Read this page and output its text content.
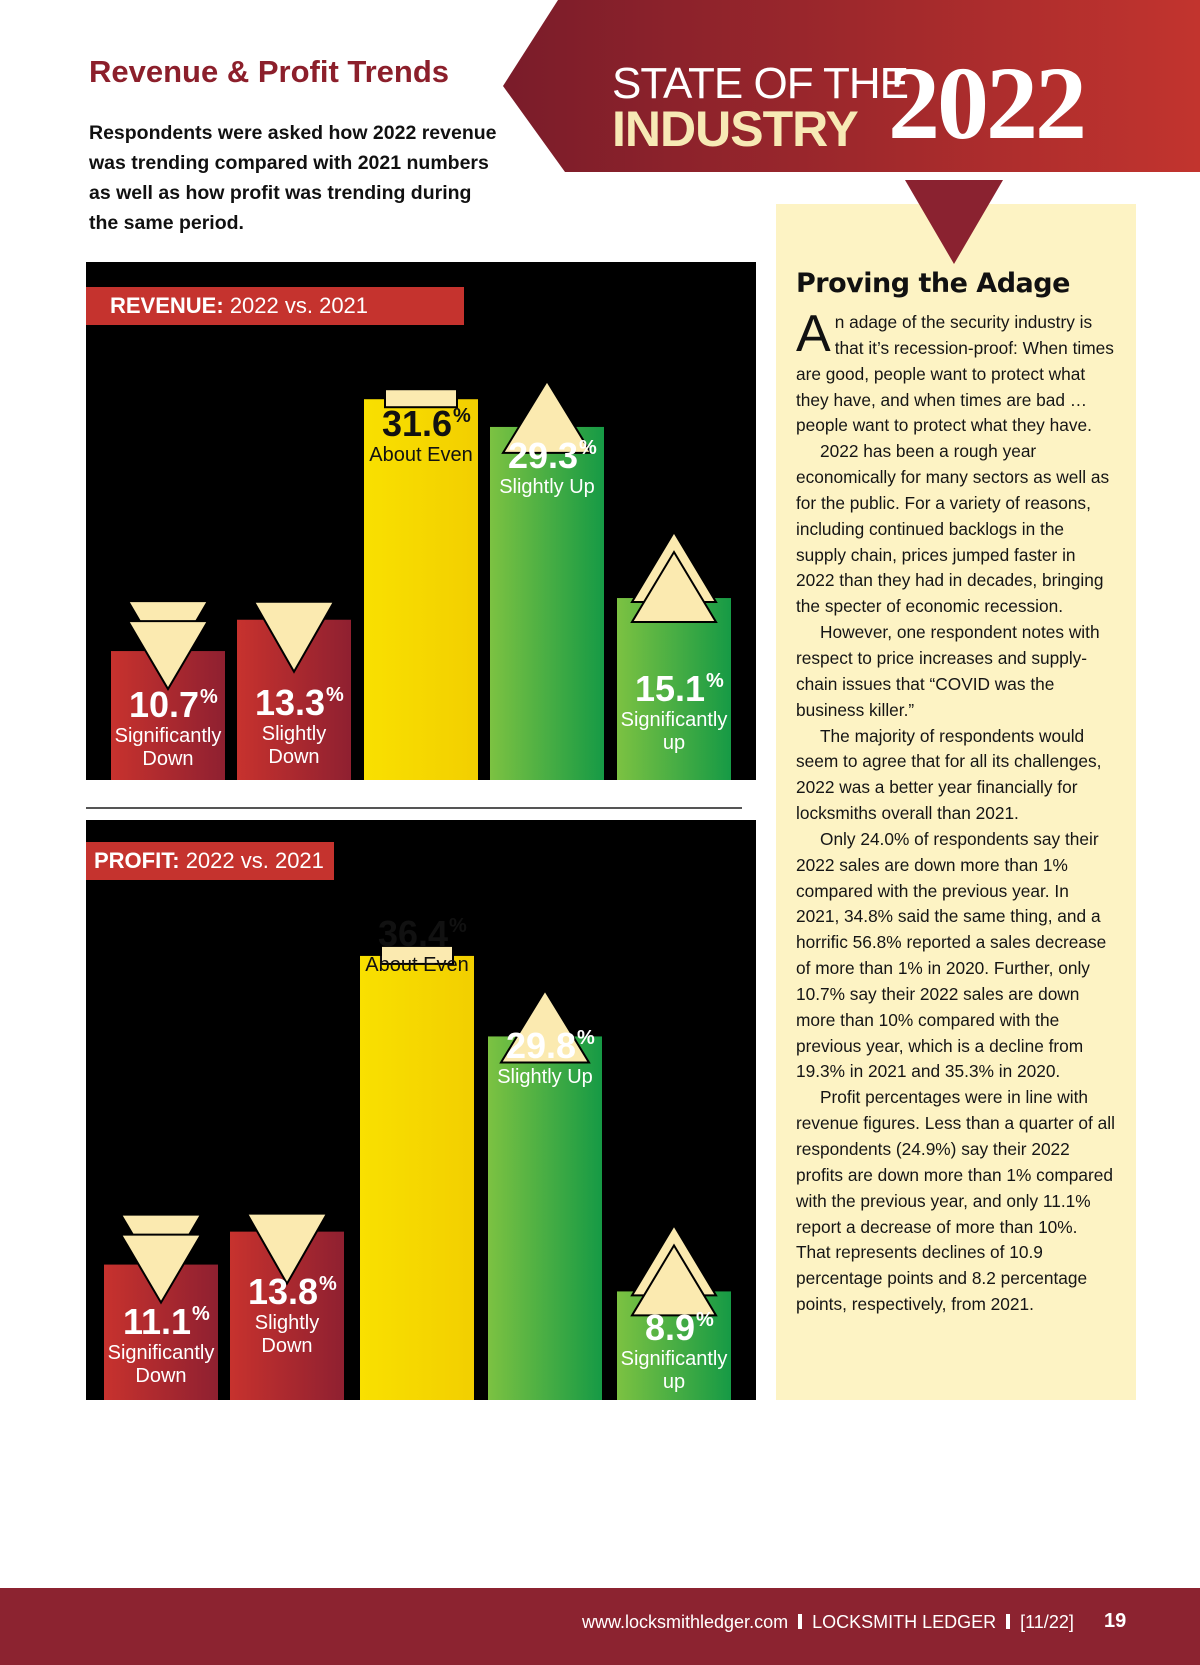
STATE OF THE
INDUSTRY 2022
Revenue & Profit Trends

Respondents were asked how 2022 revenue was trending compared with 2021 numbers as well as how profit was trending during the same period.

10.7 %
Significantly
Down
13.3 %
Slightly
Down
31.6 %
About Even 29.3 %
Slightly Up
15.1 %
Significantly
up
REVENUE: 2022 vs. 2021
11.1 %
Significantly
Down
13.8 %
Slightly
Down
36.4 %
About Even
29.8 %
Slightly Up
8.9 %
Significantly
up
PROFIT: 2022 vs. 2021
Proving the Adage

An adage of the security industry is that it’s recession-proof: When times are good, people want to protect what they have, and when times are bad … people want to protect what they have.

2022 has been a rough year economically for many sectors as well as for the public. For a variety of reasons, including continued backlogs in the supply chain, prices jumped faster in 2022 than they had in decades, bringing the specter of economic recession.

However, one respondent notes with respect to price increases and supply-chain issues that “COVID was the business killer.”

The majority of respondents would seem to agree that for all its challenges, 2022 was a better year financially for locksmiths overall than 2021.

Only 24.0% of respondents say their 2022 sales are down more than 1% compared with the previous year. In 2021, 34.8% said the same thing, and a horrific 56.8% reported a sales decrease of more than 1% in 2020. Further, only 10.7% say their 2022 sales are down more than 10% compared with the previous year, which is a decline from 19.3% in 2021 and 35.3% in 2020.

Profit percentages were in line with revenue figures. Less than a quarter of all respondents (24.9%) say their 2022 profits are down more than 1% compared with the previous year, and only 11.1% report a decrease of more than 10%. That represents declines of 10.9 percentage points and 8.2 percentage points, respectively, from 2021.

www.locksmithledger.com LOCKSMITH LEDGER [11/22] 19
